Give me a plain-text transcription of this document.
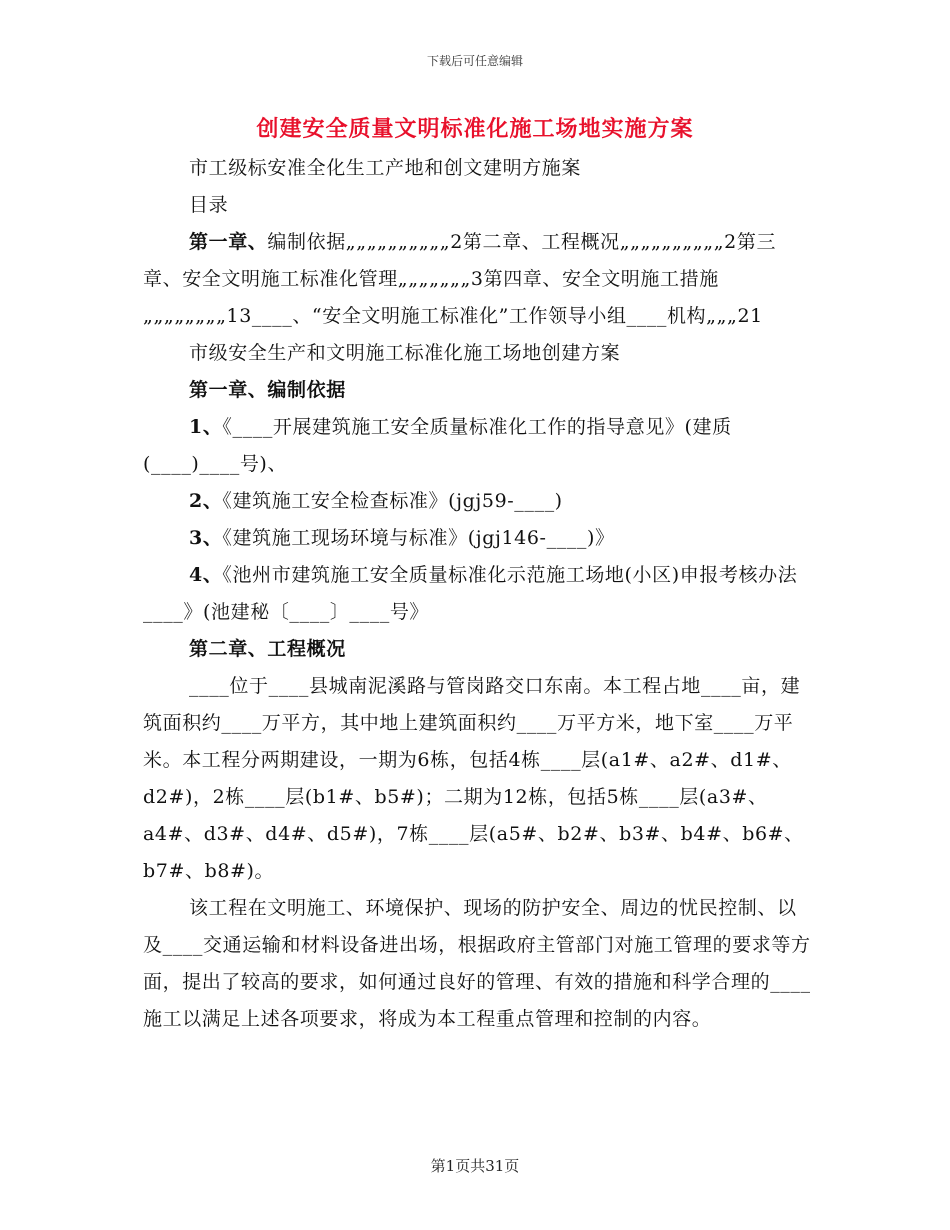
下载后可任意编辑
创建安全质量文明标准化施工场地实施方案

市工级标安准全化生工产地和创文建明方施案

目录

第一章、编制依据„„„„„„„„„„2第二章、工程概况„„„„„„„„„„2第三章、安全文明施工标准化管理„„„„„„„3第四章、安全文明施工措施„„„„„„„„13____、“安全文明施工标准化”工作领导小组____机构„„„21

市级安全生产和文明施工标准化施工场地创建方案

第一章、编制依据

1、《____开展建筑施工安全质量标准化工作的指导意见》(建质(____)____号)、

2、《建筑施工安全检查标准》(jgj59-____)

3、《建筑施工现场环境与标准》(jgj146-____)》

4、《池州市建筑施工安全质量标准化示范施工场地(小区)申报考核办法____》(池建秘〔____〕____号》

第二章、工程概况

____位于____县城南泥溪路与管岗路交口东南。本工程占地____亩，建筑面积约____万平方，其中地上建筑面积约____万平方米，地下室____万平米。本工程分两期建设，一期为6栋，包括4栋____层(a1#、a2#、d1#、d2#)，2栋____层(b1#、b5#)；二期为12栋，包括5栋____层(a3#、a4#、d3#、d4#、d5#)，7栋____层(a5#、b2#、b3#、b4#、b6#、b7#、b8#)。

该工程在文明施工、环境保护、现场的防护安全、周边的忧民控制、以及____交通运输和材料设备进出场，根据政府主管部门对施工管理的要求等方面，提出了较高的要求，如何通过良好的管理、有效的措施和科学合理的____施工以满足上述各项要求，将成为本工程重点管理和控制的内容。

第1页共31页
